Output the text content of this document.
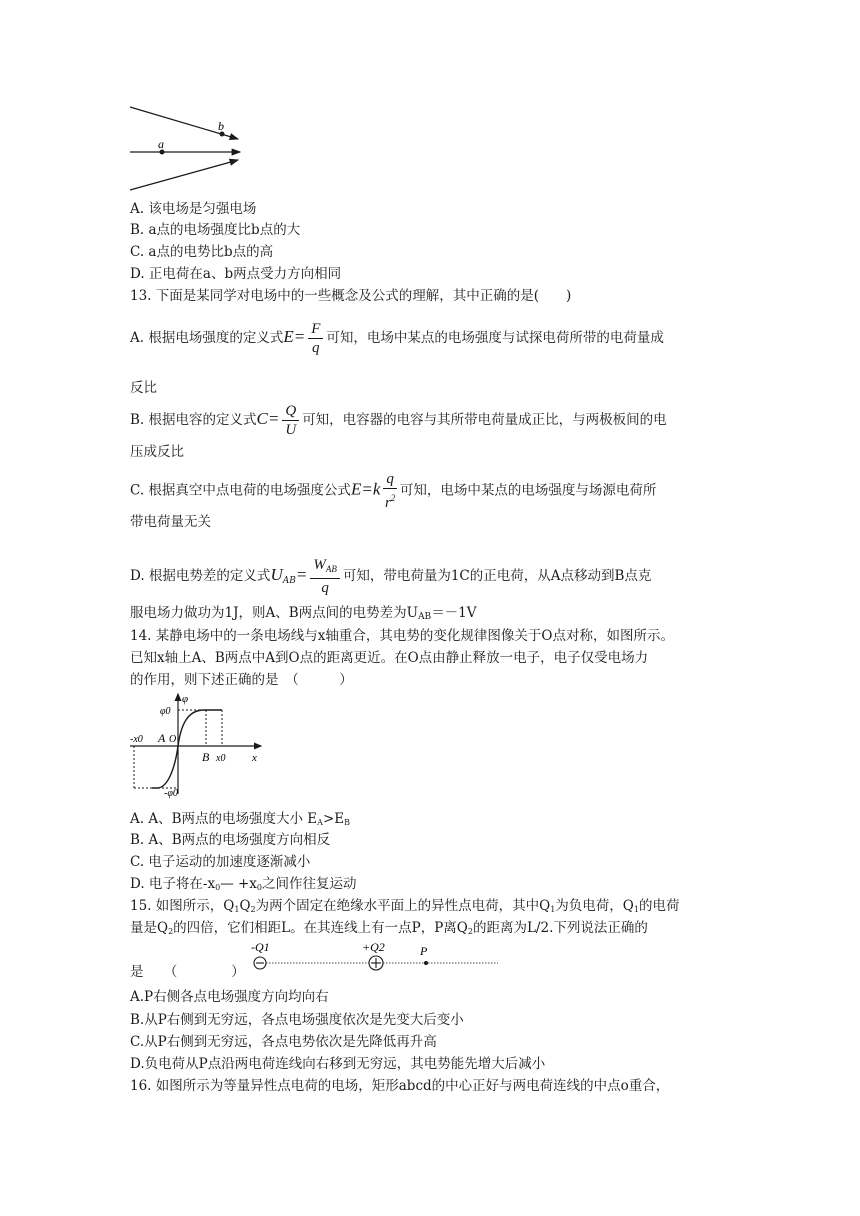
a
b
A. 该电场是匀强电场
B. a点的电场强度比b点的大
C. a点的电势比b点的高
D. 正电荷在a、b两点受力方向相同
13. 下面是某同学对电场中的一些概念及公式的理解，其中正确的是(　　)
A. 根据电场强度的定义式$E= \frac{F}{q}$ 可知，电场中某点的电场强度与试探电荷所带的电荷量成
反比
B. 根据电容的定义式$C= \frac{Q}{U}$ 可知，电容器的电容与其所带电荷量成正比，与两极板间的电
压成反比
C. 根据真空中点电荷的电场强度公式$E=k \frac{q}{r^2}$ 可知，电场中某点的电场强度与场源电荷所
带电荷量无关
D. 根据电势差的定义式$U_{AB}= \frac{W_{AB}}{q}$ 可知，带电荷量为1C的正电荷，从A点移动到B点克
服电场力做功为1J，则A、B两点间的电势差为UAB＝－1V
14. 某静电场中的一条电场线与x轴重合，其电势的变化规律图像关于O点对称，如图所示。
已知x轴上A、B两点中A到O点的距离更近。在O点由静止释放一电子，电子仅受电场力
的作用，则下述正确的是　（　　　）
φ
φ0
-x0 A O
B x0 x
-φ0
A. A、B两点的电场强度大小 EA>EB
B. A、B两点的电场强度方向相反
C. 电子运动的加速度逐渐减小
D. 电子将在-x0— +x0之间作往复运动
15. 如图所示，Q1Q2为两个固定在绝缘水平面上的异性点电荷，其中Q1为负电荷，Q1的电荷
量是Q2的四倍，它们相距L。在其连线上有一点P，P离Q2的距离为L/2.下列说法正确的
是　　（　　　　）
-Q1	+Q2	P
A.P右侧各点电场强度方向均向右
B.从P右侧到无穷远，各点电场强度依次是先变大后变小
C.从P右侧到无穷远，各点电势依次是先降低再升高
D.负电荷从P点沿两电荷连线向右移到无穷远，其电势能先增大后减小
16. 如图所示为等量异性点电荷的电场，矩形abcd的中心正好与两电荷连线的中点o重合，
